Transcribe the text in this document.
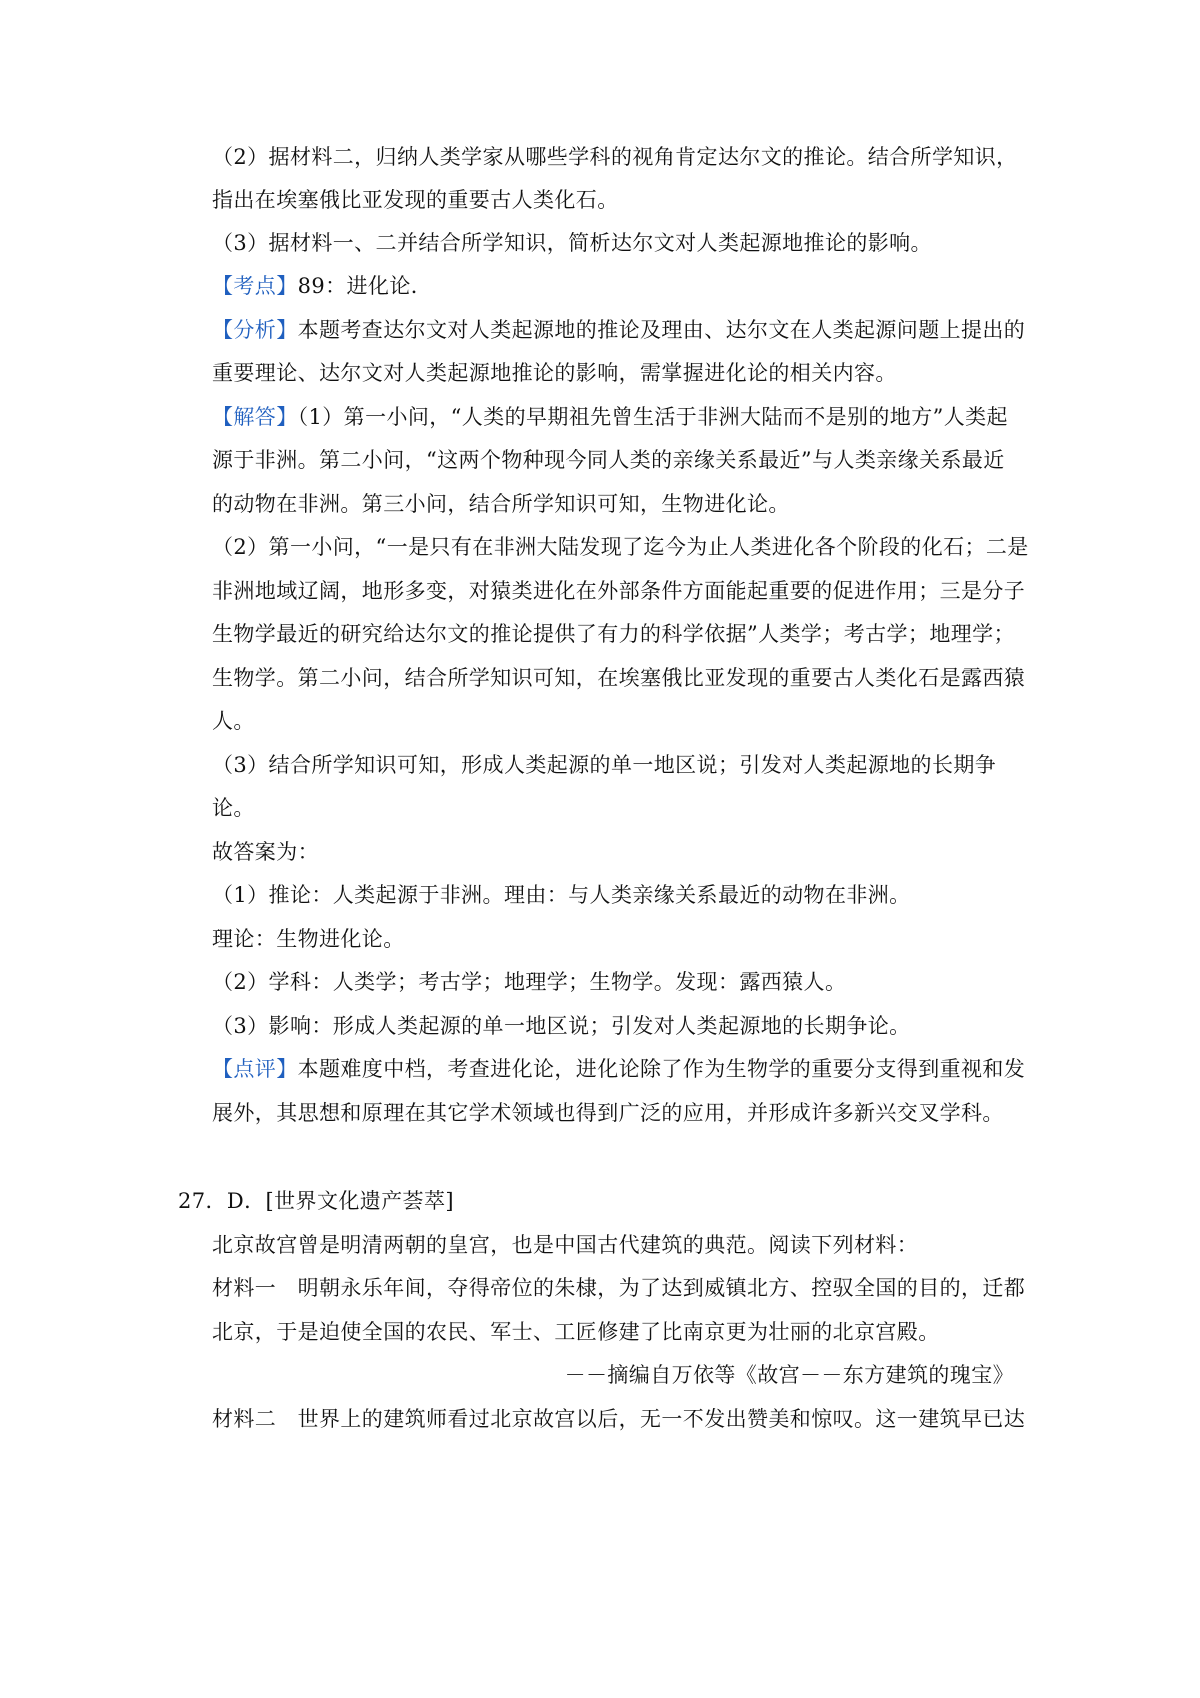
（2）据材料二，归纳人类学家从哪些学科的视角肯定达尔文的推论。结合所学知识，
指出在埃塞俄比亚发现的重要古人类化石。
（3）据材料一、二并结合所学知识，简析达尔文对人类起源地推论的影响。
【考点】89：进化论．
【分析】本题考查达尔文对人类起源地的推论及理由、达尔文在人类起源问题上提出的
重要理论、达尔文对人类起源地推论的影响，需掌握进化论的相关内容。
【解答】（1）第一小问，“人类的早期祖先曾生活于非洲大陆而不是别的地方”人类起
源于非洲。第二小问，“这两个物种现今同人类的亲缘关系最近”与人类亲缘关系最近
的动物在非洲。第三小问，结合所学知识可知，生物进化论。
（2）第一小问，“一是只有在非洲大陆发现了迄今为止人类进化各个阶段的化石；二是
非洲地域辽阔，地形多变，对猿类进化在外部条件方面能起重要的促进作用；三是分子
生物学最近的研究给达尔文的推论提供了有力的科学依据”人类学；考古学；地理学；
生物学。第二小问，结合所学知识可知，在埃塞俄比亚发现的重要古人类化石是露西猿
人。
（3）结合所学知识可知，形成人类起源的单一地区说；引发对人类起源地的长期争
论。
故答案为：
（1）推论：人类起源于非洲。理由：与人类亲缘关系最近的动物在非洲。
理论：生物进化论。
（2）学科：人类学；考古学；地理学；生物学。发现：露西猿人。
（3）影响：形成人类起源的单一地区说；引发对人类起源地的长期争论。
【点评】本题难度中档，考查进化论，进化论除了作为生物学的重要分支得到重视和发
展外，其思想和原理在其它学术领域也得到广泛的应用，并形成许多新兴交叉学科。
27．D．[世界文化遗产荟萃]
北京故宫曾是明清两朝的皇宫，也是中国古代建筑的典范。阅读下列材料：
材料一　明朝永乐年间，夺得帝位的朱棣，为了达到威镇北方、控驭全国的目的，迁都
北京，于是迫使全国的农民、军士、工匠修建了比南京更为壮丽的北京宫殿。
－－摘编自万依等《故宫－－东方建筑的瑰宝》
材料二　世界上的建筑师看过北京故宫以后，无一不发出赞美和惊叹。这一建筑早已达
